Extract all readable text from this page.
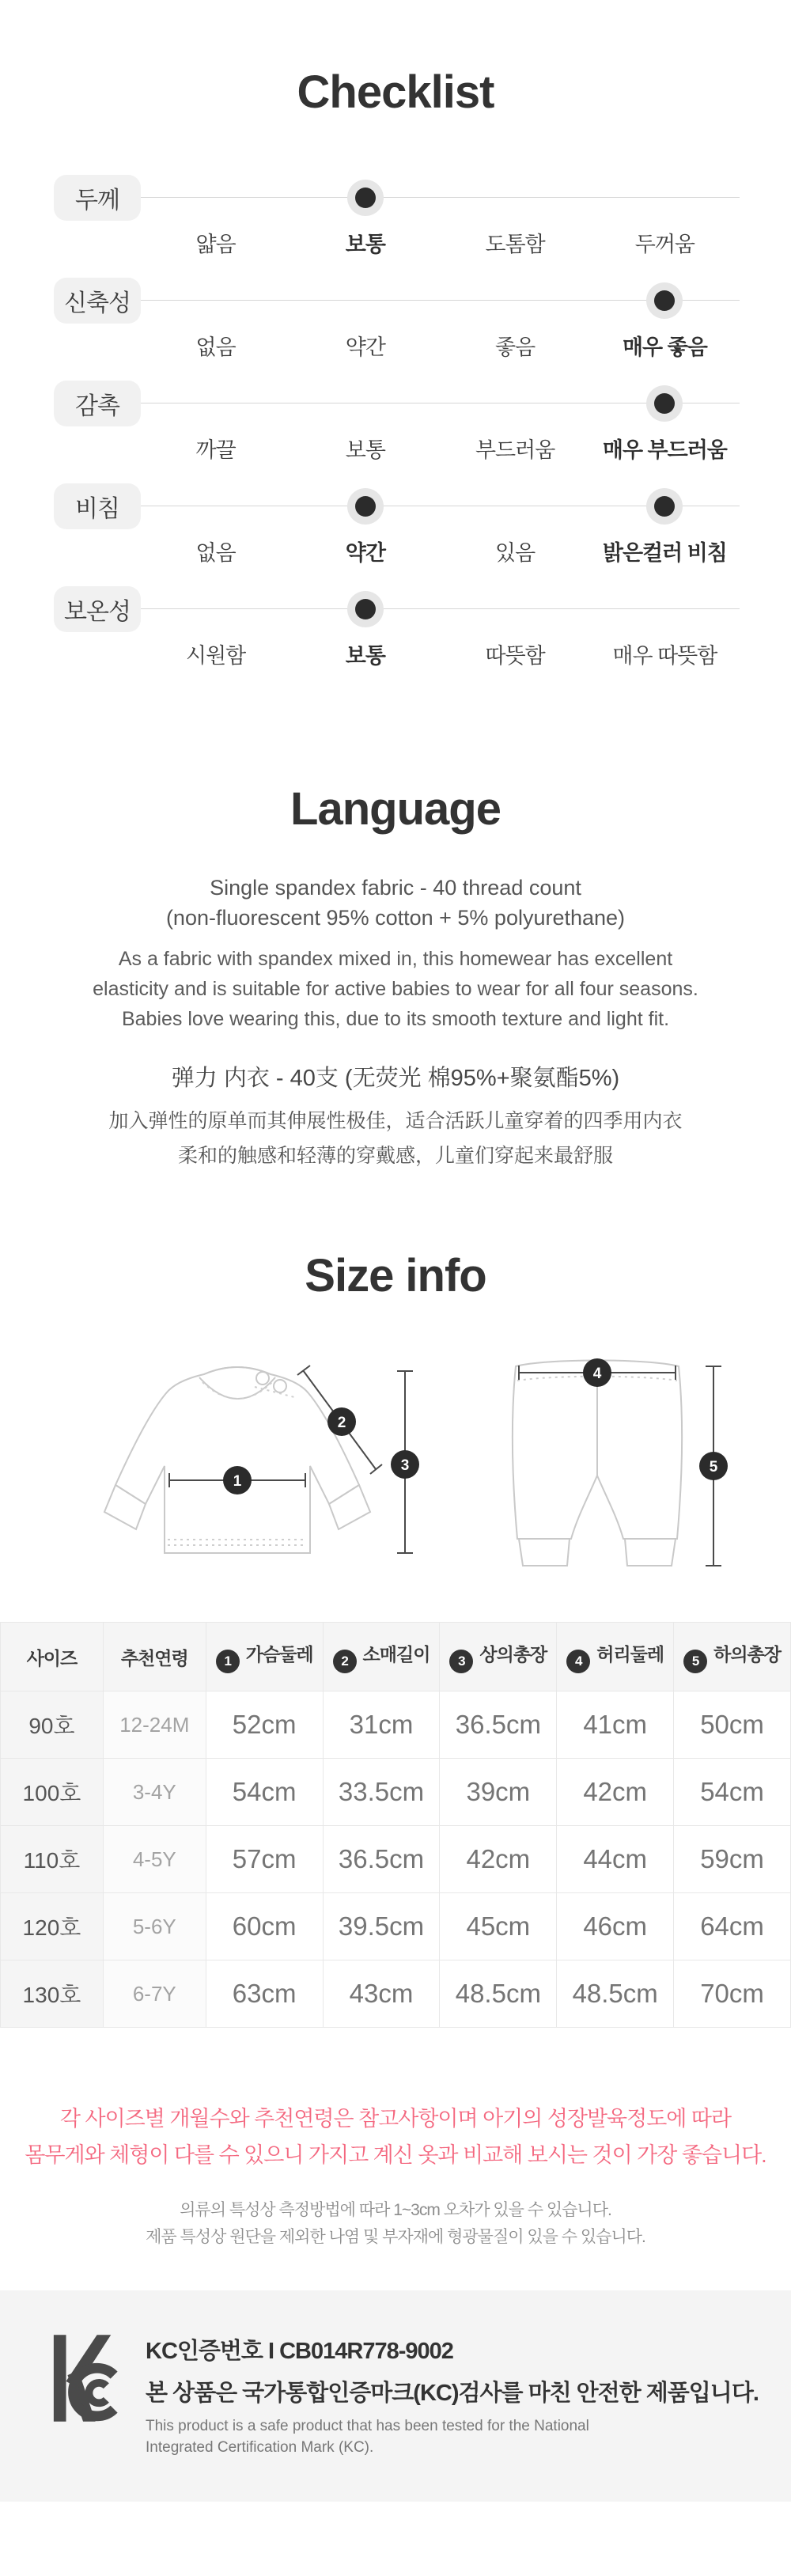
Checklist
두께
얇음	보통	도톰함	두꺼움
신축성
없음	약간	좋음	매우 좋음
감촉
까끌	보통	부드러움	매우 부드러움
비침
없음	약간	있음	밝은컬러 비침
보온성
시원함	보통	따뜻함	매우 따뜻함
Language

Single spandex fabric - 40 thread count
(non-fluorescent 95% cotton + 5% polyurethane)

As a fabric with spandex mixed in, this homewear has excellent
elasticity and is suitable for active babies to wear for all four seasons.
Babies love wearing this, due to its smooth texture and light fit.

弹力 内衣 - 40支 (无荧光 棉95%+聚氨酯5%)

加入弹性的原单而其伸展性极佳，适合活跃儿童穿着的四季用内衣
柔和的触感和轻薄的穿戴感，儿童们穿起来最舒服

Size info
1
2
3
4
5
사이즈	추천연령	1 가슴둘레	2 소매길이	3 상의총장	4 허리둘레	5 하의총장
90호	12-24M	52cm	31cm	36.5cm	41cm	50cm
100호	3-4Y	54cm	33.5cm	39cm	42cm	54cm
110호	4-5Y	57cm	36.5cm	42cm	44cm	59cm
120호	5-6Y	60cm	39.5cm	45cm	46cm	64cm
130호	6-7Y	63cm	43cm	48.5cm	48.5cm	70cm

각 사이즈별 개월수와 추천연령은 참고사항이며 아기의 성장발육정도에 따라
몸무게와 체형이 다를 수 있으니 가지고 계신 옷과 비교해 보시는 것이 가장 좋습니다.

의류의 특성상 측정방법에 따라 1~3cm 오차가 있을 수 있습니다.
제품 특성상 원단을 제외한 나염 및 부자재에 형광물질이 있을 수 있습니다.

KC인증번호 I CB014R778-9002
본 상품은 국가통합인증마크(KC)검사를 마친 안전한 제품입니다.
This product is a safe product that has been tested for the National
Integrated Certification Mark (KC).
